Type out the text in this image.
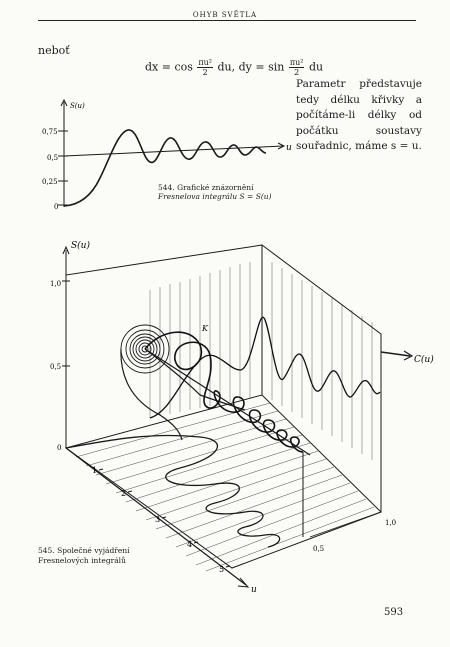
OHYB SVĚTLA
neboť
dx = $\cos \frac{\text{πu²}}{2}$ du, dy = $\sin \frac{\text{πu²}}{2}$ du
Parametr představuje tedy délku křivky a počítáme-li délky od počátku soustavy souřadnic, máme s = u.
S(u)
u
0,75
0,5
0,25
0
S(u)
C(u)
u
K
1,0
0,5
0
1
2
3
4
5
0,5
1,0
544. Grafické znázornění
Fresnelova integrálu S = S(u)
545. Společné vyjádření Fresnelových integrálů
593
